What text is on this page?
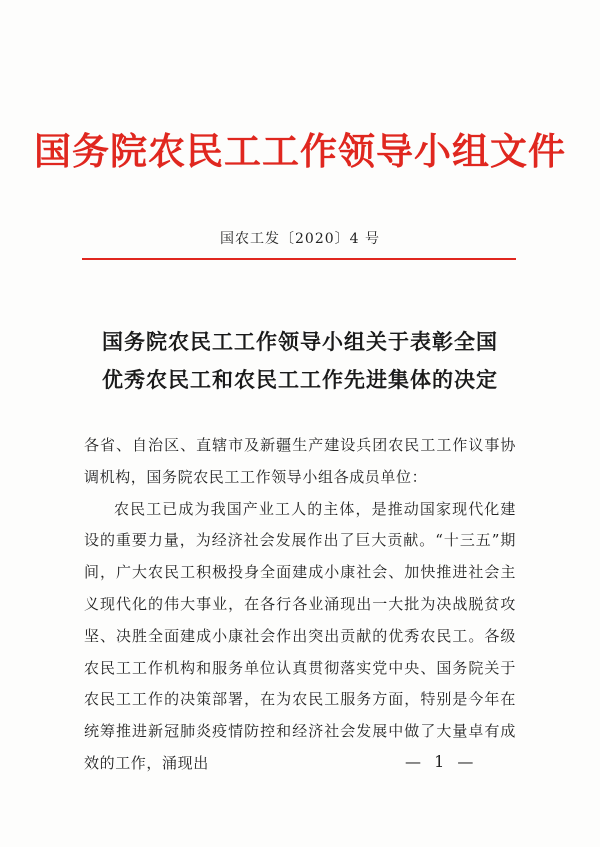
国务院农民工工作领导小组文件
国农工发〔2020〕4 号
国务院农民工工作领导小组关于表彰全国
优秀农民工和农民工工作先进集体的决定

各省、自治区、直辖市及新疆生产建设兵团农民工工作议事协调机构，国务院农民工工作领导小组各成员单位：

农民工已成为我国产业工人的主体，是推动国家现代化建设的重要力量，为经济社会发展作出了巨大贡献。“十三五”期间，广大农民工积极投身全面建成小康社会、加快推进社会主义现代化的伟大事业，在各行各业涌现出一大批为决战脱贫攻坚、决胜全面建成小康社会作出突出贡献的优秀农民工。各级农民工工作机构和服务单位认真贯彻落实党中央、国务院关于农民工工作的决策部署，在为农民工服务方面，特别是今年在统筹推进新冠肺炎疫情防控和经济社会发展中做了大量卓有成效的工作，涌现出	— 1 —
